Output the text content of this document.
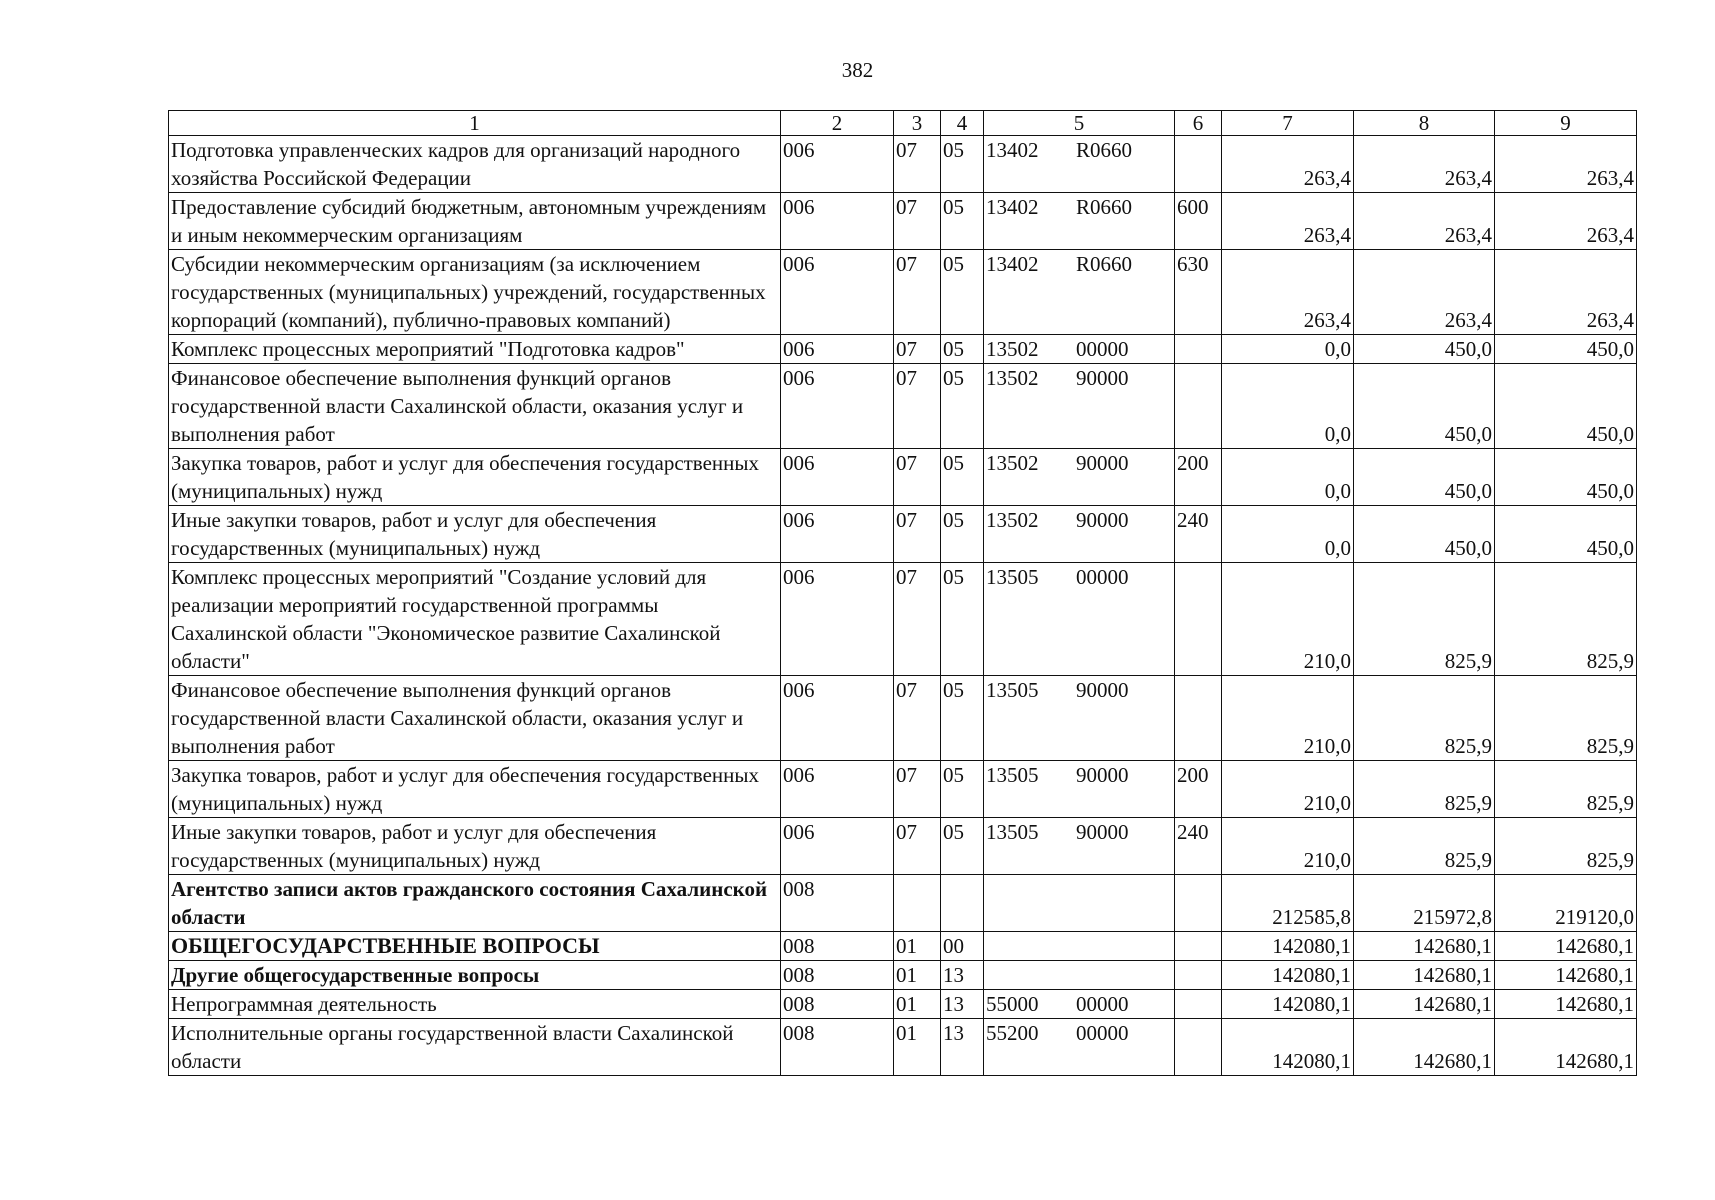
382
1	2	3	4	5	6	7	8	9
Подготовка управленческих кадров для организаций народного хозяйства Российской Федерации	006	07	05	13402 R0660		263,4	263,4	263,4
Предоставление субсидий бюджетным, автономным учреждениям и иным некоммерческим организациям	006	07	05	13402 R0660	600	263,4	263,4	263,4
Субсидии некоммерческим организациям (за исключением государственных (муниципальных) учреждений, государственных корпораций (компаний), публично-правовых компаний)	006	07	05	13402 R0660	630	263,4	263,4	263,4
Комплекс процессных мероприятий "Подготовка кадров"	006	07	05	13502 00000		0,0	450,0	450,0
Финансовое обеспечение выполнения функций органов государственной власти Сахалинской области, оказания услуг и выполнения работ	006	07	05	13502 90000		0,0	450,0	450,0
Закупка товаров, работ и услуг для обеспечения государственных (муниципальных) нужд	006	07	05	13502 90000	200	0,0	450,0	450,0
Иные закупки товаров, работ и услуг для обеспечения государственных (муниципальных) нужд	006	07	05	13502 90000	240	0,0	450,0	450,0
Комплекс процессных мероприятий "Создание условий для реализации мероприятий государственной программы Сахалинской области "Экономическое развитие Сахалинской области"	006	07	05	13505 00000		210,0	825,9	825,9
Финансовое обеспечение выполнения функций органов государственной власти Сахалинской области, оказания услуг и выполнения работ	006	07	05	13505 90000		210,0	825,9	825,9
Закупка товаров, работ и услуг для обеспечения государственных (муниципальных) нужд	006	07	05	13505 90000	200	210,0	825,9	825,9
Иные закупки товаров, работ и услуг для обеспечения государственных (муниципальных) нужд	006	07	05	13505 90000	240	210,0	825,9	825,9
Агентство записи актов гражданского состояния Сахалинской области	008					212585,8	215972,8	219120,0
ОБЩЕГОСУДАРСТВЕННЫЕ ВОПРОСЫ	008	01	00			142080,1	142680,1	142680,1
Другие общегосударственные вопросы	008	01	13			142080,1	142680,1	142680,1
Непрограммная деятельность	008	01	13	55000 00000		142080,1	142680,1	142680,1
Исполнительные органы государственной власти Сахалинской области	008	01	13	55200 00000		142080,1	142680,1	142680,1
